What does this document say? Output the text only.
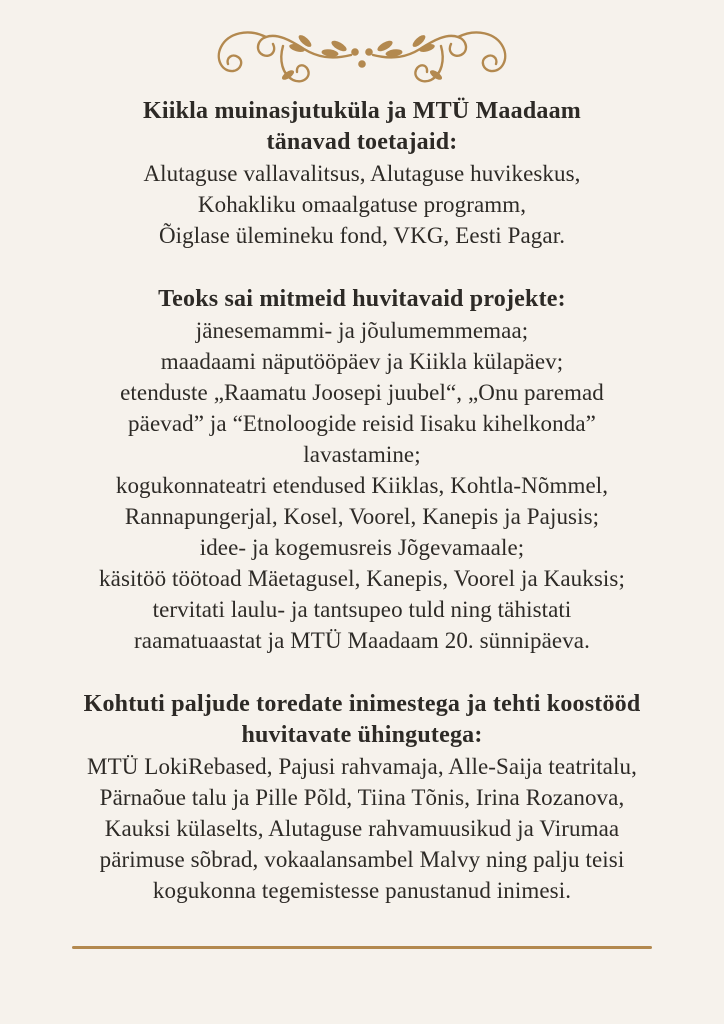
Kiikla muinasjutuküla ja MTÜ Maadaam
tänavad toetajaid:
Alutaguse vallavalitsus, Alutaguse huvikeskus,
Kohakliku omaalgatuse programm,
Õiglase ülemineku fond, VKG, Eesti Pagar.
Teoks sai mitmeid huvitavaid projekte:
jänesemammi- ja jõulumemmemaa;
maadaami näputööpäev ja Kiikla külapäev;
etenduste „Raamatu Joosepi juubel“, „Onu paremad
päevad” ja “Etnoloogide reisid Iisaku kihelkonda”
lavastamine;
kogukonnateatri etendused Kiiklas, Kohtla-Nõmmel,
Rannapungerjal, Kosel, Voorel, Kanepis ja Pajusis;
idee- ja kogemusreis Jõgevamaale;
käsitöö töötoad Mäetagusel, Kanepis, Voorel ja Kauksis;
tervitati laulu- ja tantsupeo tuld ning tähistati
raamatuaastat ja MTÜ Maadaam 20. sünnipäeva.
Kohtuti paljude toredate inimestega ja tehti koostööd
huvitavate ühingutega:
MTÜ LokiRebased, Pajusi rahvamaja, Alle-Saija teatritalu,
Pärnaõue talu ja Pille Põld, Tiina Tõnis, Irina Rozanova,
Kauksi külaselts, Alutaguse rahvamuusikud ja Virumaa
pärimuse sõbrad, vokaalansambel Malvy ning palju teisi
kogukonna tegemistesse panustanud inimesi.
